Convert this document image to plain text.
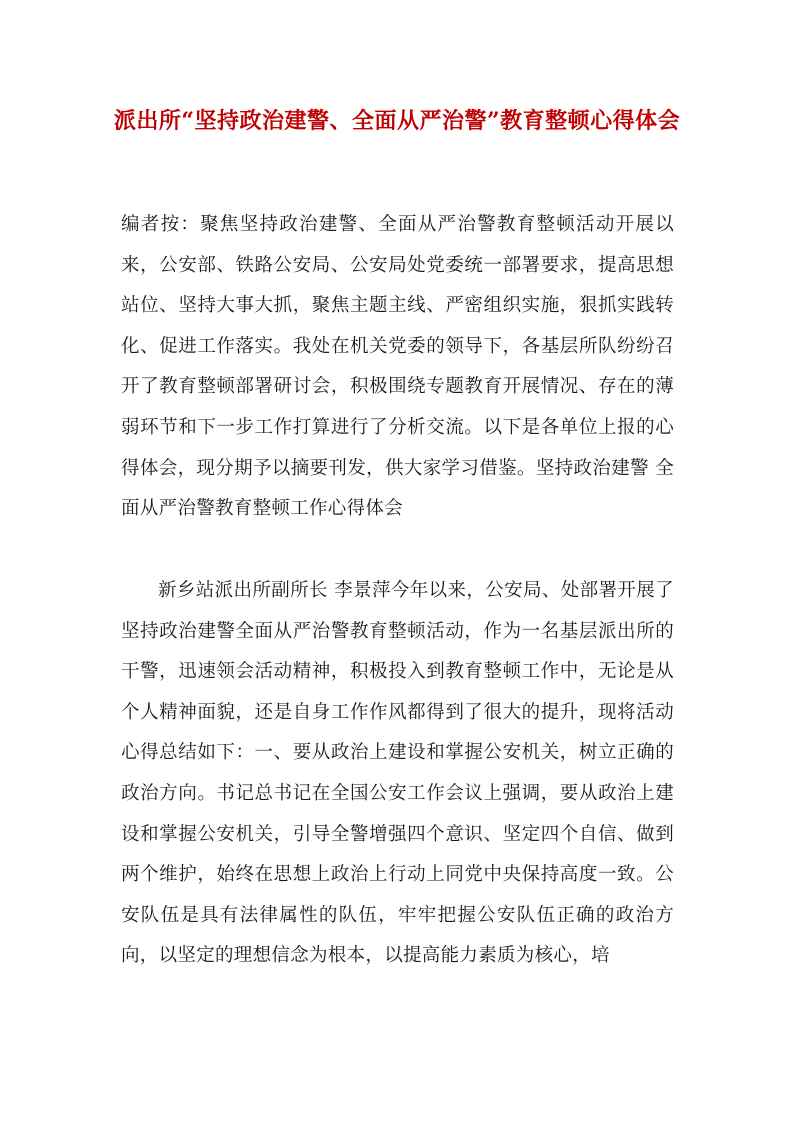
派出所“坚持政治建警、全面从严治警”教育整顿心得体会
编者按：聚焦坚持政治建警、全面从严治警教育整顿活动开展以来，公安部、铁路公安局、公安局处党委统一部署要求，提高思想站位、坚持大事大抓，聚焦主题主线、严密组织实施，狠抓实践转化、促进工作落实。我处在机关党委的领导下，各基层所队纷纷召开了教育整顿部署研讨会，积极围绕专题教育开展情况、存在的薄弱环节和下一步工作打算进行了分析交流。以下是各单位上报的心得体会，现分期予以摘要刊发，供大家学习借鉴。坚持政治建警 全面从严治警教育整顿工作心得体会
新乡站派出所副所长 李景萍今年以来，公安局、处部署开展了坚持政治建警全面从严治警教育整顿活动，作为一名基层派出所的干警，迅速领会活动精神，积极投入到教育整顿工作中，无论是从个人精神面貌，还是自身工作作风都得到了很大的提升，现将活动心得总结如下：一、要从政治上建设和掌握公安机关，树立正确的政治方向。书记总书记在全国公安工作会议上强调，要从政治上建设和掌握公安机关，引导全警增强四个意识、坚定四个自信、做到两个维护，始终在思想上政治上行动上同党中央保持高度一致。公安队伍是具有法律属性的队伍，牢牢把握公安队伍正确的政治方向，以坚定的理想信念为根本，以提高能力素质为核心，培
